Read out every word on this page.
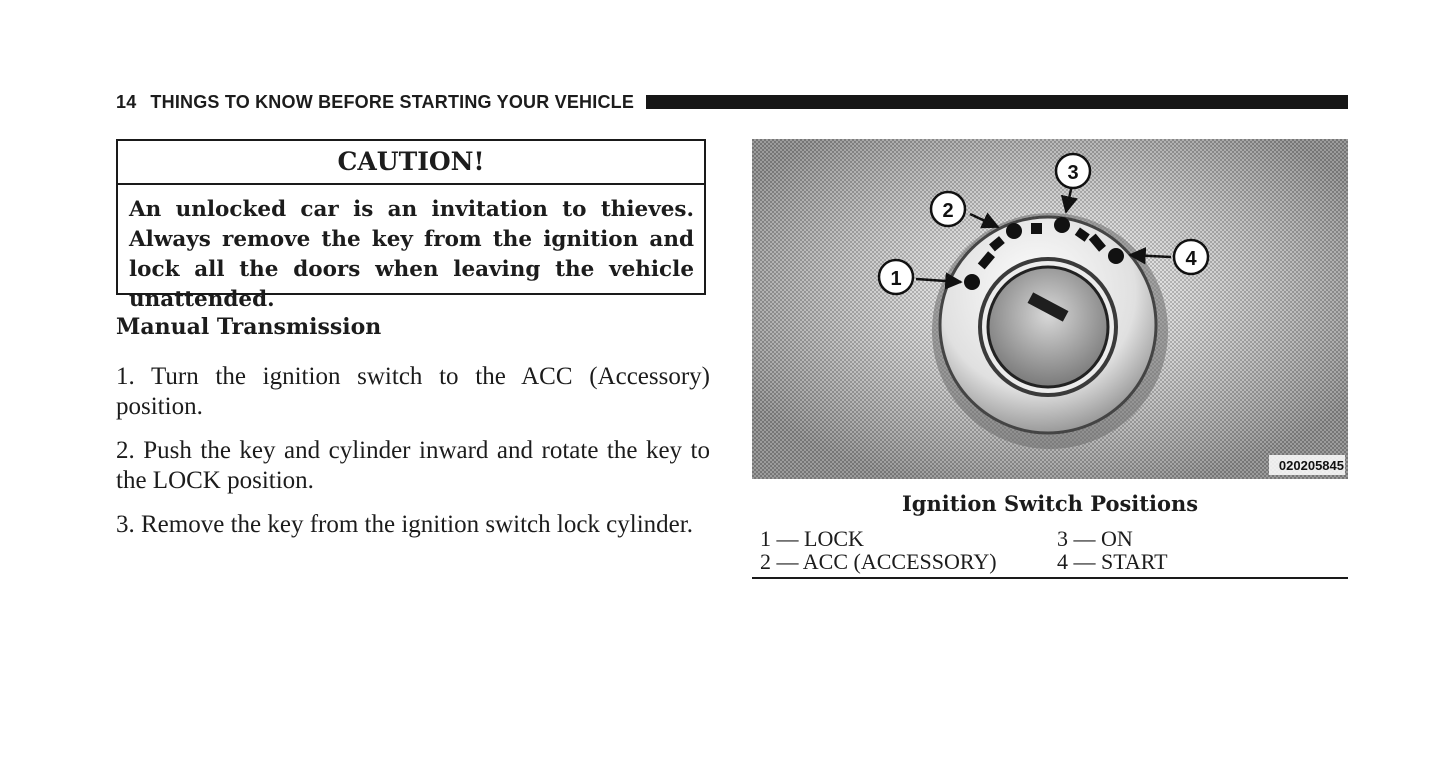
14 THINGS TO KNOW BEFORE STARTING YOUR VEHICLE
CAUTION!
An unlocked car is an invitation to thieves. Always remove the key from the ignition and lock all the doors when leaving the vehicle unattended.
Manual Transmission

1. Turn the ignition switch to the ACC (Accessory) position.

2. Push the key and cylinder inward and rotate the key to the LOCK position.

3. Remove the key from the ignition switch lock cylinder.

1
2
3
4
020205845
Ignition Switch Positions
1 — LOCK
2 — ACC (ACCESSORY)
3 — ON
4 — START
